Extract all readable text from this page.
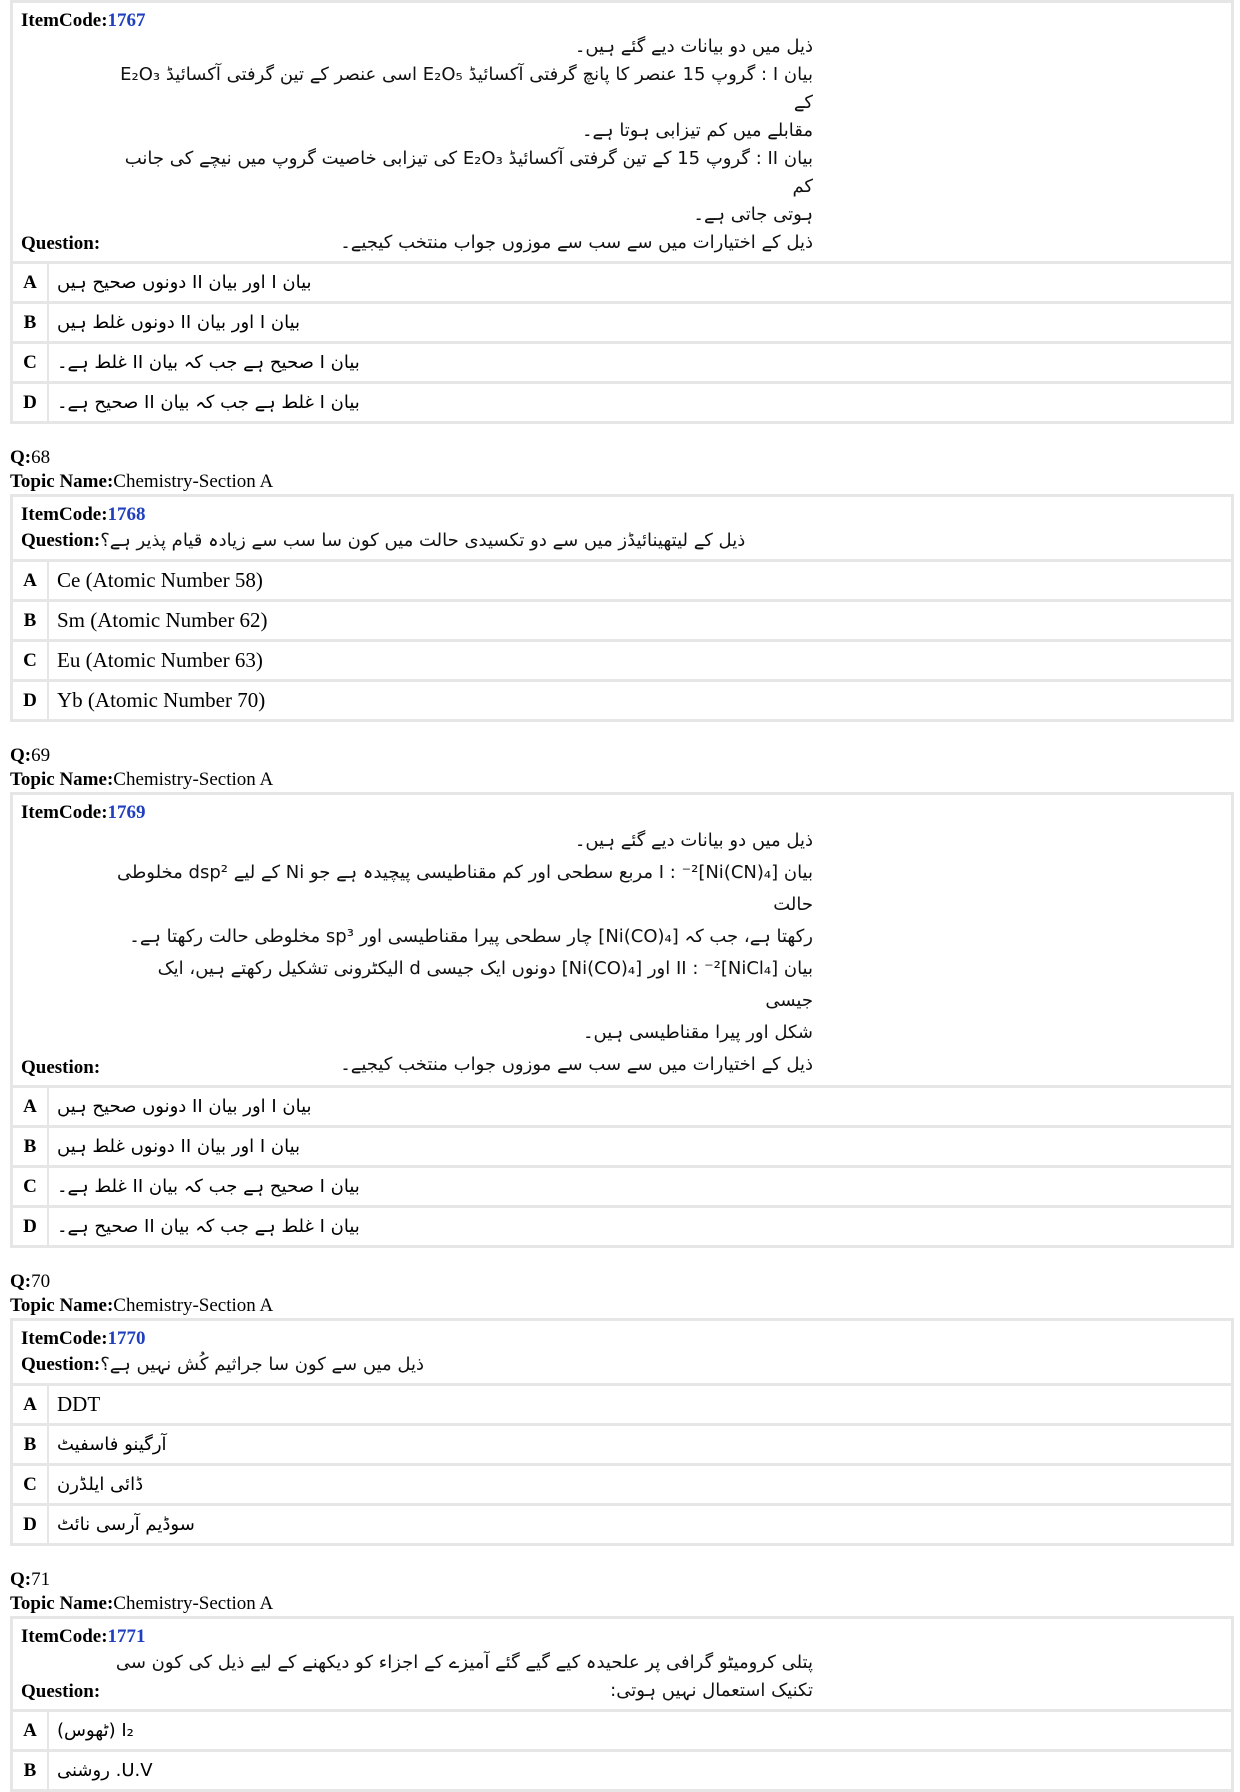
ItemCode:1767
ذیل میں دو بیانات دیے گئے ہیں۔
بیان I : گروپ 15 عنصر کا پانچ گرفتی آکسائیڈ E₂O₅ اسی عنصر کے تین گرفتی آکسائیڈ E₂O₃ کے
مقابلے میں کم تیزابی ہوتا ہے۔
بیان II : گروپ 15 کے تین گرفتی آکسائیڈ E₂O₃ کی تیزابی خاصیت گروپ میں نیچے کی جانب کم
ہوتی جاتی ہے۔
ذیل کے اختیارات میں سے سب سے موزوں جواب منتخب کیجیے۔
Question:
A	بیان I اور بیان II دونوں صحیح ہیں
B	بیان I اور بیان II دونوں غلط ہیں
C	بیان I صحیح ہے جب کہ بیان II غلط ہے۔
D	بیان I غلط ہے جب کہ بیان II صحیح ہے۔
Q:68
Topic Name:Chemistry-Section A
ItemCode:1768
Question: ذیل کے لیتھینائیڈز میں سے دو تکسیدی حالت میں کون سا سب سے زیادہ قیام پذیر ہے؟
A Ce (Atomic Number 58)
B Sm (Atomic Number 62)
C Eu (Atomic Number 63)
D Yb (Atomic Number 70)
Q:69
Topic Name:Chemistry-Section A
ItemCode:1769
ذیل میں دو بیانات دیے گئے ہیں۔
بیان I : ⁻²[Ni(CN)₄] مربع سطحی اور کم مقناطیسی پیچیدہ ہے جو Ni کے لیے dsp² مخلوطی حالت
رکھتا ہے، جب کہ [Ni(CO)₄] چار سطحی پیرا مقناطیسی اور sp³ مخلوطی حالت رکھتا ہے۔
بیان II : ⁻²[NiCl₄] اور [Ni(CO)₄] دونوں ایک جیسی d الیکٹرونی تشکیل رکھتے ہیں، ایک جیسی
شکل اور پیرا مقناطیسی ہیں۔
ذیل کے اختیارات میں سے سب سے موزوں جواب منتخب کیجیے۔
Question:
A	بیان I اور بیان II دونوں صحیح ہیں
B	بیان I اور بیان II دونوں غلط ہیں
C	بیان I صحیح ہے جب کہ بیان II غلط ہے۔
D	بیان I غلط ہے جب کہ بیان II صحیح ہے۔
Q:70
Topic Name:Chemistry-Section A
ItemCode:1770
Question: ذیل میں سے کون سا جراثیم کُش نہیں ہے؟
A DDT
B	آرگینو فاسفیٹ
C	ڈائی ایلڈرن
D	سوڈیم آرسی نائٹ
Q:71
Topic Name:Chemistry-Section A
ItemCode:1771
پتلی کرومیٹو گرافی پر علحیدہ کیے گیے گئے آمیزے کے اجزاء کو دیکھنے کے لیے ذیل کی کون سی
تکنیک استعمال نہیں ہوتی:
Question:
A	I₂ (ٹھوس)
B	U.V. روشنی
